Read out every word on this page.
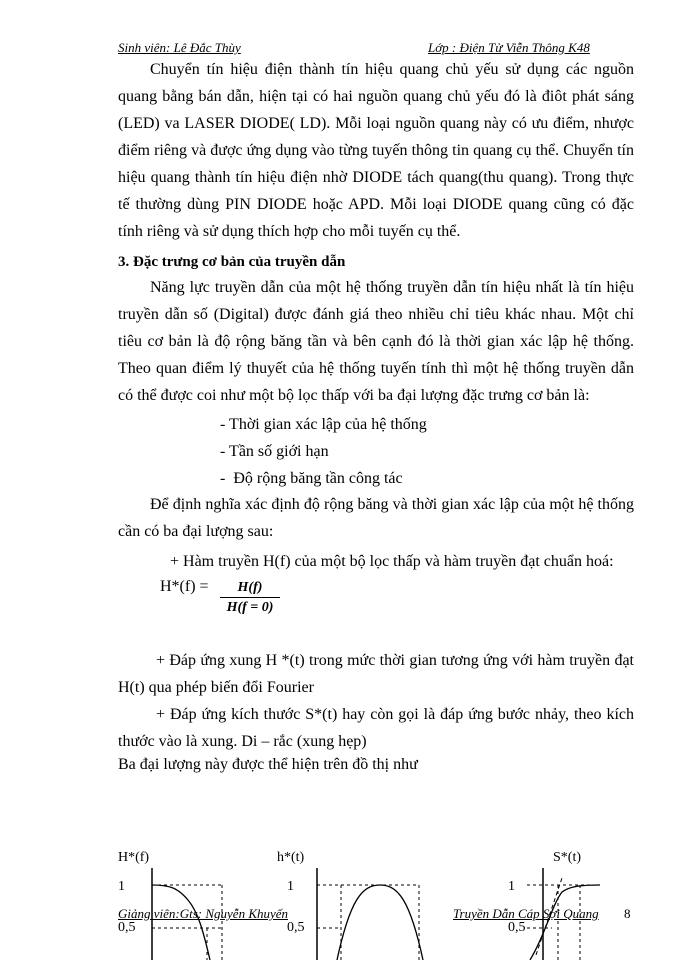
Sinh viên: Lê Đắc Thùy	Lớp : Điện Tử Viễn Thông K48

Chuyển tín hiệu điện thành tín hiệu quang chủ yếu sử dụng các nguồn quang bằng bán dẫn, hiện tại có hai nguồn quang chủ yếu đó là điôt phát sáng (LED) va LASER DIODE( LD). Mỗi loại nguồn quang này có ưu điểm, nhược điểm riêng và được ứng dụng vào từng tuyến thông tin quang cụ thể. Chuyển tín hiệu quang thành tín hiệu điện nhờ DIODE tách quang(thu quang). Trong thực tế thường dùng PIN DIODE hoặc APD. Mỗi loại DIODE quang cũng có đặc tính riêng và sử dụng thích hợp cho mỗi tuyến cụ thể.

3. Đặc trưng cơ bản của truyền dẫn

Năng lực truyền dẫn của một hệ thống truyền dẫn tín hiệu nhất là tín hiệu truyền dẫn số (Digital) được đánh giá theo nhiều chỉ tiêu khác nhau. Một chỉ tiêu cơ bản là độ rộng băng tần và bên cạnh đó là thời gian xác lập hệ thống. Theo quan điểm lý thuyết của hệ thống tuyến tính thì một hệ thống truyền dẫn có thể được coi như một bộ lọc thấp với ba đại lượng đặc trưng cơ bản là:

- Thời gian xác lập của hệ thống
- Tần số giới hạn
-  Độ rộng băng tần công tác

Để định nghĩa xác định độ rộng băng và thời gian xác lập của một hệ thống cần có ba đại lượng sau:

+ Hàm truyền H(f) của một bộ lọc thấp và hàm truyền đạt chuẩn hoá:
$H*(f) = \frac{H(f)}{H(f = 0)}$

+ Đáp ứng xung H *(t) trong mức thời gian tương ứng với hàm truyền đạt H(t) qua phép biến đổi Fourier

+ Đáp ứng kích thước S*(t) hay còn gọi là đáp ứng bước nhảy, theo kích thước vào là xung. Di – rắc (xung hẹp)

Ba đại lượng này được thể hiện trên đồ thị như
H*(f)
1
0,5
h*(t)
1
0,5
S*(t)
1
0,5
Giảng viên:Gts: Nguyễn Khuyến	Truyền Dẫn Cáp Sợi Quang 8
